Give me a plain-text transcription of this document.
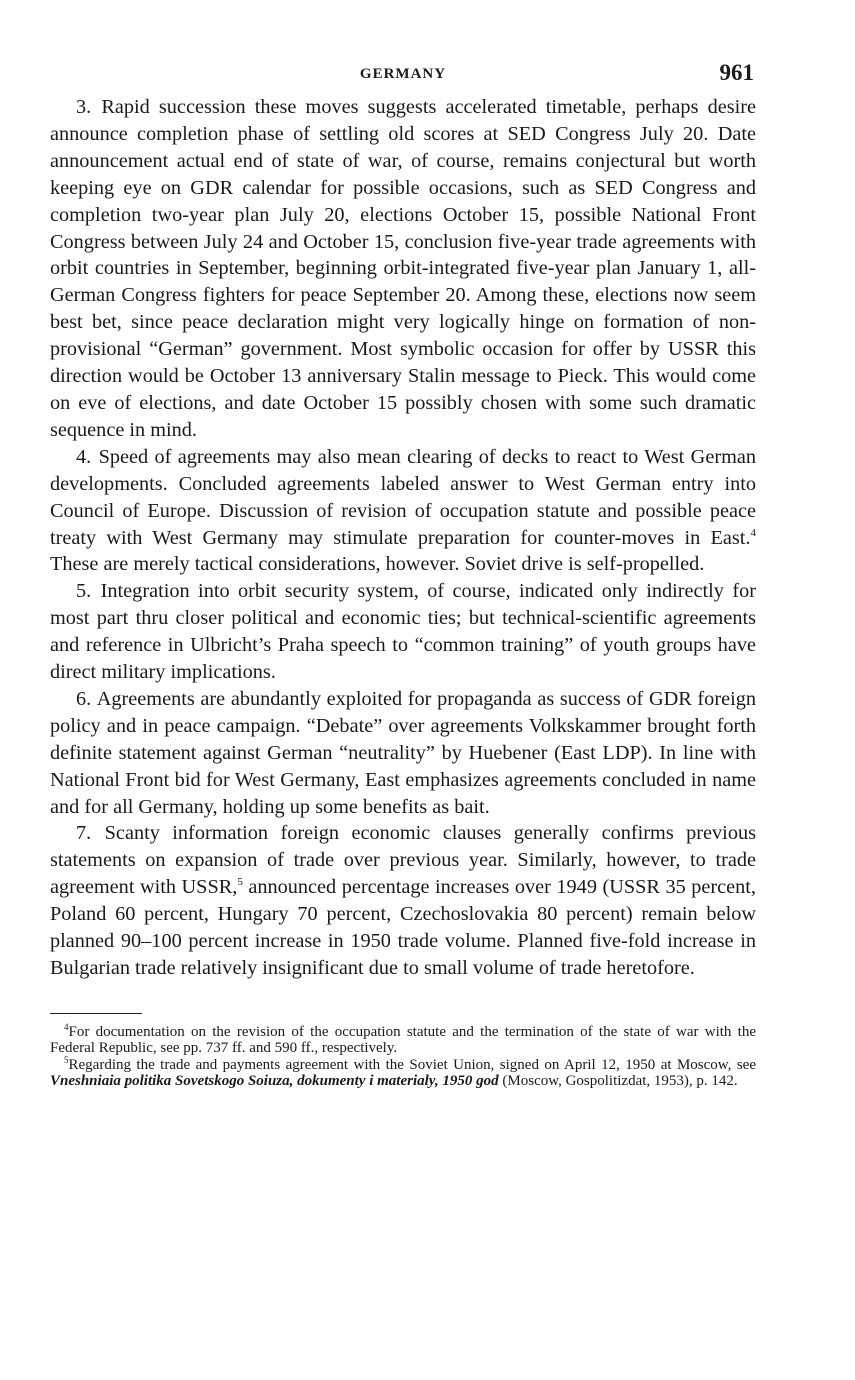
GERMANY	961

3. Rapid succession these moves suggests accelerated timetable, perhaps desire announce completion phase of settling old scores at SED Congress July 20. Date announcement actual end of state of war, of course, remains conjectural but worth keeping eye on GDR calendar for possible occasions, such as SED Congress and completion two-year plan July 20, elections October 15, possible National Front Congress between July 24 and October 15, conclusion five-year trade agreements with orbit countries in September, beginning orbit-integrated five-year plan January 1, all-German Congress fighters for peace September 20. Among these, elections now seem best bet, since peace declaration might very logically hinge on formation of non-provisional “German” government. Most symbolic occasion for offer by USSR this direction would be October 13 anniversary Stalin message to Pieck. This would come on eve of elections, and date October 15 possibly chosen with some such dramatic sequence in mind.

4. Speed of agreements may also mean clearing of decks to react to West German developments. Concluded agreements labeled answer to West German entry into Council of Europe. Discussion of revision of occupation statute and possible peace treaty with West Germany may stimulate preparation for counter-moves in East.$^4$ These are merely tactical considerations, however. Soviet drive is self-propelled.

5. Integration into orbit security system, of course, indicated only indirectly for most part thru closer political and economic ties; but technical-scientific agreements and reference in Ulbricht’s Praha speech to “common training” of youth groups have direct military implications.

6. Agreements are abundantly exploited for propaganda as success of GDR foreign policy and in peace campaign. “Debate” over agreements Volkskammer brought forth definite statement against German “neutrality” by Huebener (East LDP). In line with National Front bid for West Germany, East emphasizes agreements concluded in name and for all Germany, holding up some benefits as bait.

7. Scanty information foreign economic clauses generally confirms previous statements on expansion of trade over previous year. Similarly, however, to trade agreement with USSR,$^5$ announced percentage increases over 1949 (USSR 35 percent, Poland 60 percent, Hungary 70 percent, Czechoslovakia 80 percent) remain below planned 90–100 percent increase in 1950 trade volume. Planned five-fold increase in Bulgarian trade relatively insignificant due to small volume of trade heretofore.

$^4$For documentation on the revision of the occupation statute and the termination of the state of war with the Federal Republic, see pp. 737 ff. and 590 ff., respectively.

$^5$Regarding the trade and payments agreement with the Soviet Union, signed on April 12, 1950 at Moscow, see Vneshniaia politika Sovetskogo Soiuza, dokumenty i materialy, 1950 god (Moscow, Gospolitizdat, 1953), p. 142.
